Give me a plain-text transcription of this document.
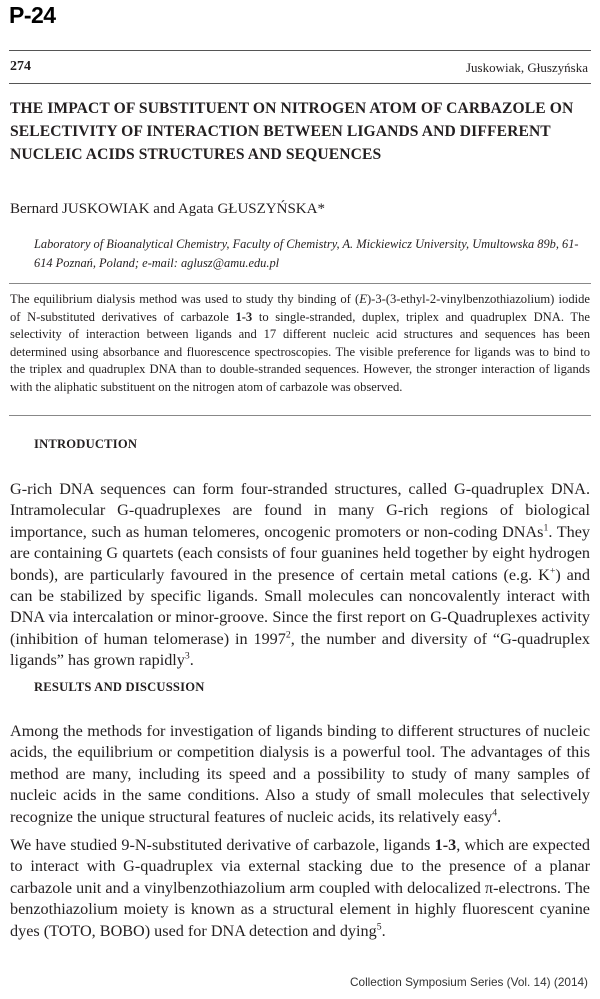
P-24
274	Juskowiak, Głuszyńska
THE IMPACT OF SUBSTITUENT ON NITROGEN ATOM OF CARBAZOLE ON SELECTIVITY OF INTERACTION BETWEEN LIGANDS AND DIFFERENT NUCLEIC ACIDS STRUCTURES AND SEQUENCES
Bernard JUSKOWIAK and Agata GŁUSZYŃSKA*

Laboratory of Bioanalytical Chemistry, Faculty of Chemistry, A. Mickiewicz University, Umultowska 89b, 61-614 Poznań, Poland; e-mail: aglusz@amu.edu.pl

The equilibrium dialysis method was used to study thy binding of (E)-3-(3-ethyl-2-vinylbenzothiazolium) iodide of N-substituted derivatives of carbazole 1-3 to single-stranded, duplex, triplex and quadruplex DNA. The selectivity of interaction between ligands and 17 different nucleic acid structures and sequences has been determined using absorbance and fluorescence spectroscopies. The visible preference for ligands was to bind to the triplex and quadruplex DNA than to double-stranded sequences. However, the stronger interaction of ligands with the aliphatic substituent on the nitrogen atom of carbazole was observed.

INTRODUCTION

G-rich DNA sequences can form four-stranded structures, called G-quadruplex DNA. Intramolecular G-quadruplexes are found in many G-rich regions of biological importance, such as human telomeres, oncogenic promoters or non-coding DNAs$^1$. They are containing G quartets (each consists of four guanines held together by eight hydrogen bonds), are particularly favoured in the presence of certain metal cations (e.g. K+) and can be stabilized by specific ligands. Small molecules can noncovalently interact with DNA via intercalation or minor-groove. Since the first report on G-Quadruplexes activity (inhibition of human telomerase) in 1997$^2$, the number and diversity of “G-quadruplex ligands” has grown rapidly$^3$.

RESULTS AND DISCUSSION

Among the methods for investigation of ligands binding to different structures of nucleic acids, the equilibrium or competition dialysis is a powerful tool. The advantages of this method are many, including its speed and a possibility to study of many samples of nucleic acids in the same conditions. Also a study of small molecules that selectively recognize the unique structural features of nucleic acids, its relatively easy$^4$.

We have studied 9-N-substituted derivative of carbazole, ligands 1-3, which are expected to interact with G-quadruplex via external stacking due to the presence of a planar carbazole unit and a vinylbenzothiazolium arm coupled with delocalized π-electrons. The benzothiazolium moiety is known as a structural element in highly fluorescent cyanine dyes (TOTO, BOBO) used for DNA detection and dying$^5$.

Collection Symposium Series (Vol. 14) (2014)
